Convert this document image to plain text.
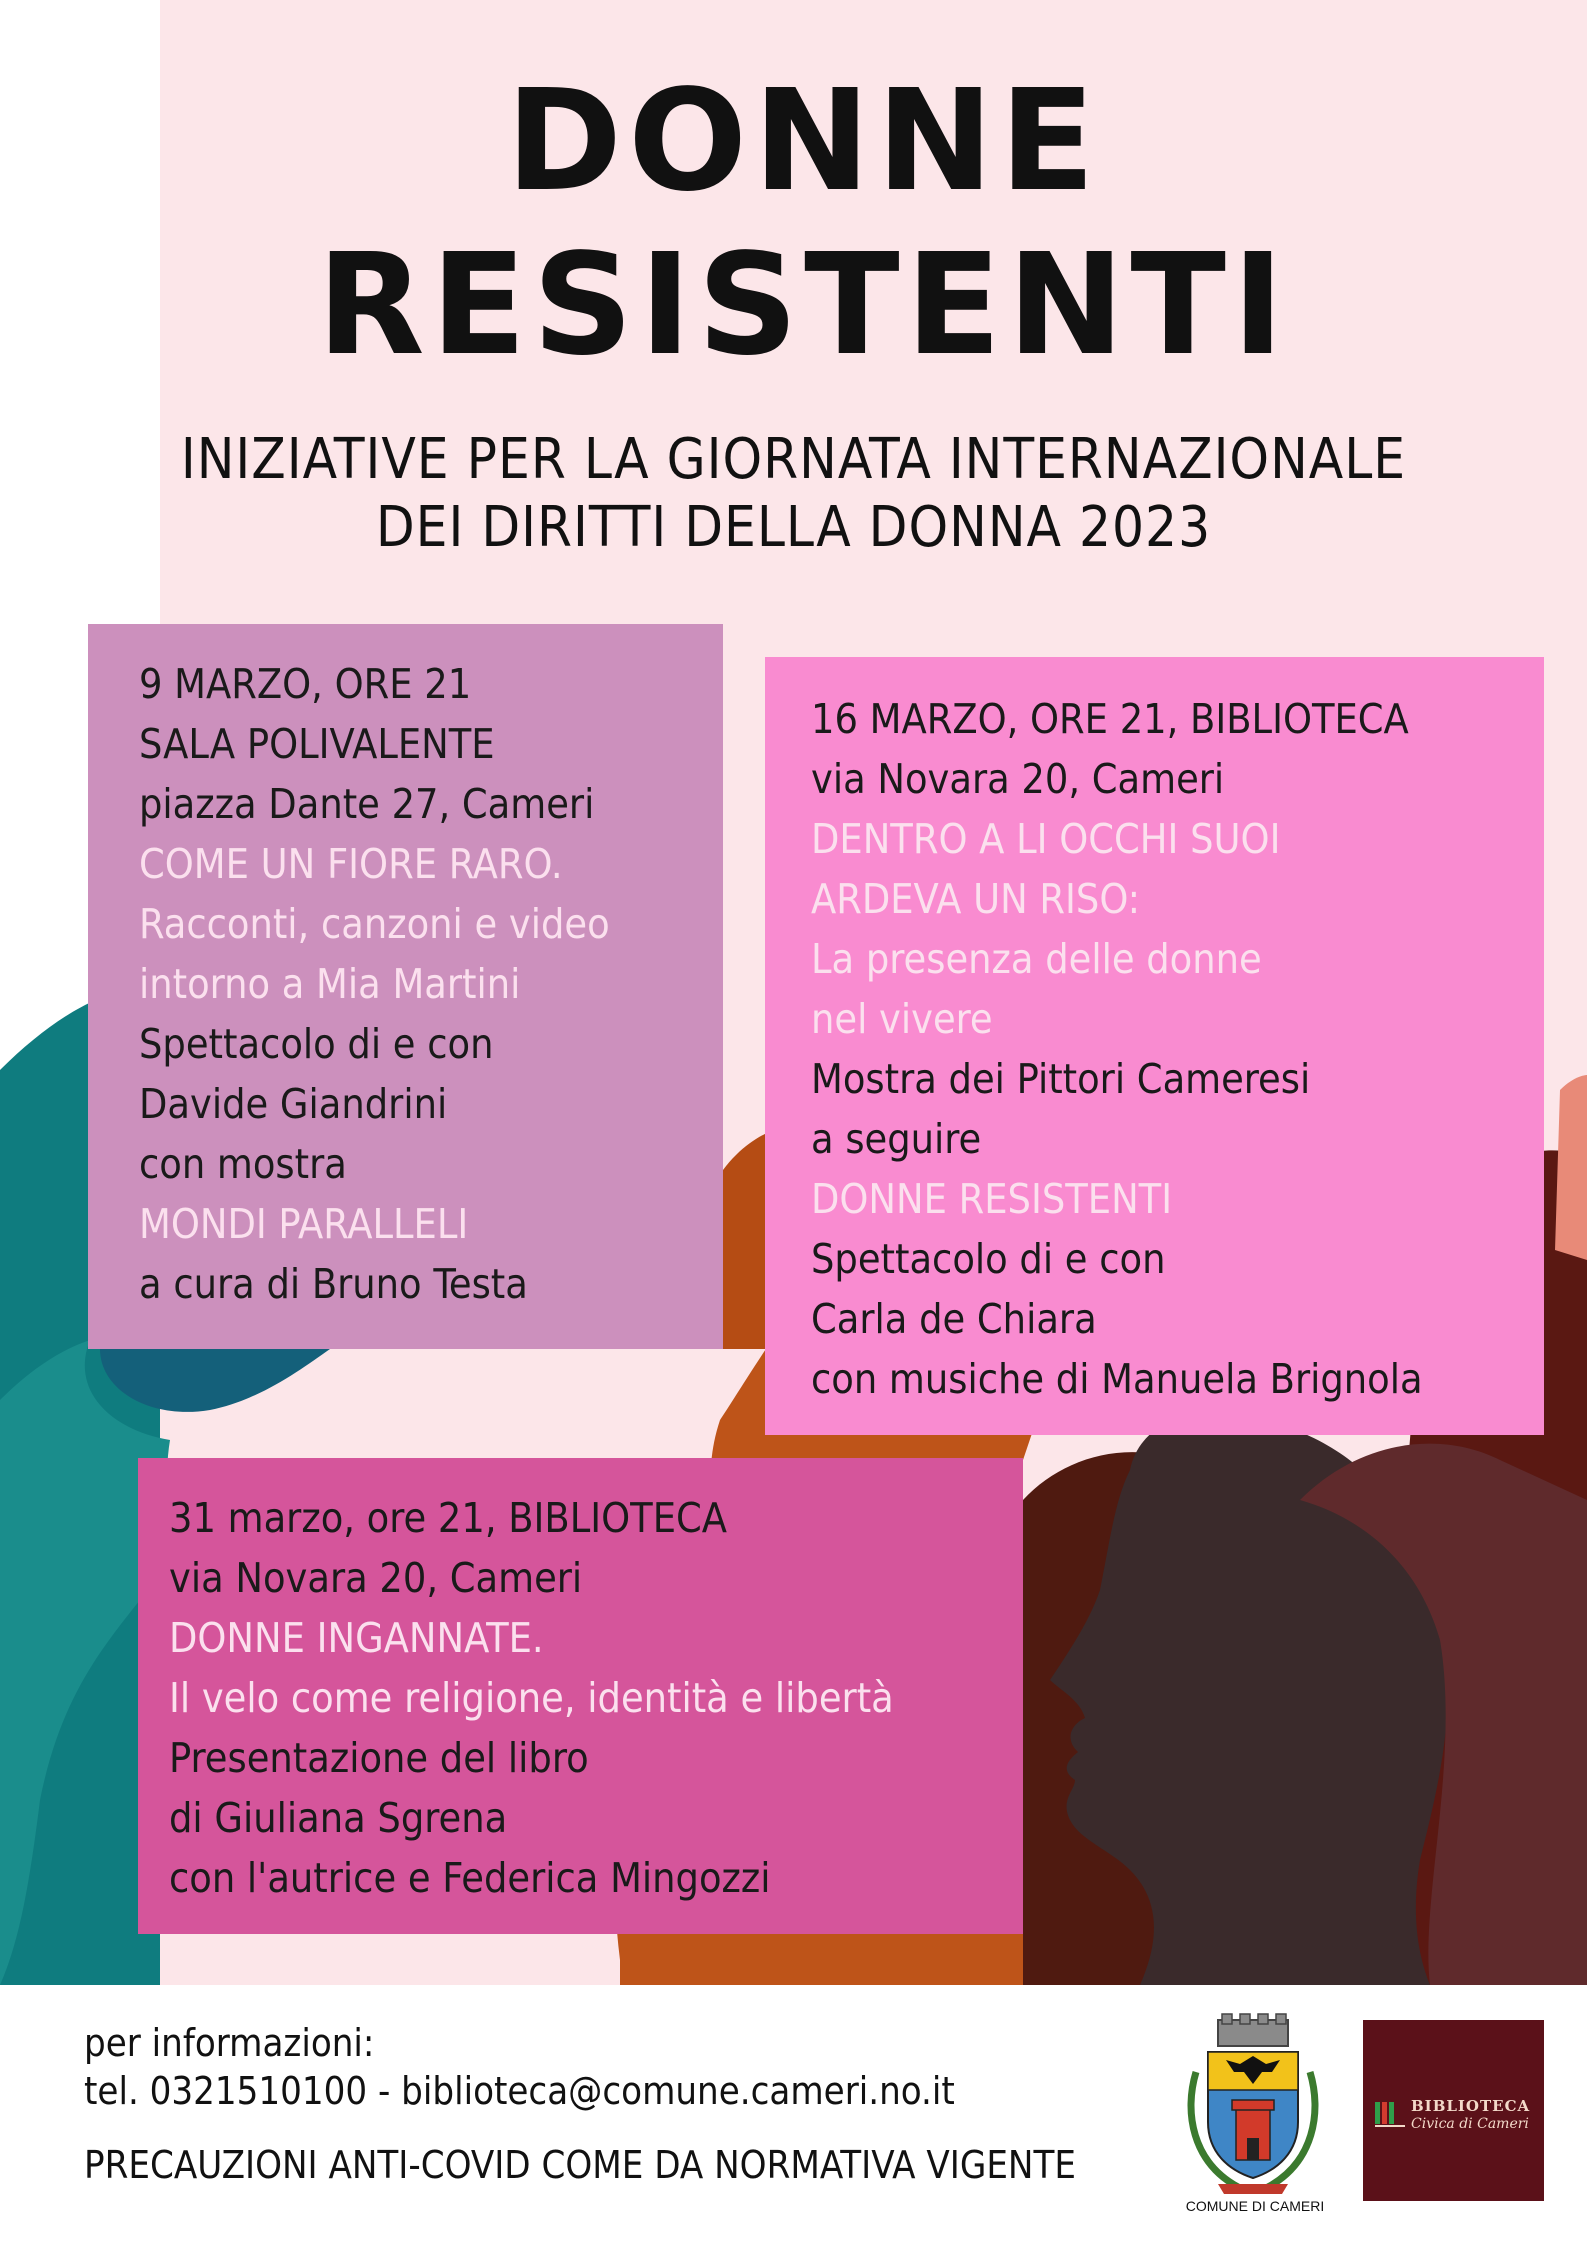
DONNE
RESISTENTI
INIZIATIVE PER LA GIORNATA INTERNAZIONALE
DEI DIRITTI DELLA DONNA 2023
9 MARZO, ORE 21
SALA POLIVALENTE
piazza Dante 27, Cameri
COME UN FIORE RARO.
Racconti, canzoni e video
intorno a Mia Martini
Spettacolo di e con
Davide Giandrini
con mostra
MONDI PARALLELI
a cura di Bruno Testa
16 MARZO, ORE 21, BIBLIOTECA
via Novara 20, Cameri
DENTRO A LI OCCHI SUOI
ARDEVA UN RISO:
La presenza delle donne
nel vivere
Mostra dei Pittori Cameresi
a seguire
DONNE RESISTENTI
Spettacolo di e con
Carla de Chiara
con musiche di Manuela Brignola
31 marzo, ore 21, BIBLIOTECA
via Novara 20, Cameri
DONNE INGANNATE.
Il velo come religione, identità e libertà
Presentazione del libro
di Giuliana Sgrena
con l'autrice e Federica Mingozzi
per informazioni:
tel. 0321510100 - biblioteca@comune.cameri.no.it
PRECAUZIONI ANTI-COVID COME DA NORMATIVA VIGENTE
COMUNE DI CAMERI
BIBLIOTECA
Civica di Cameri
